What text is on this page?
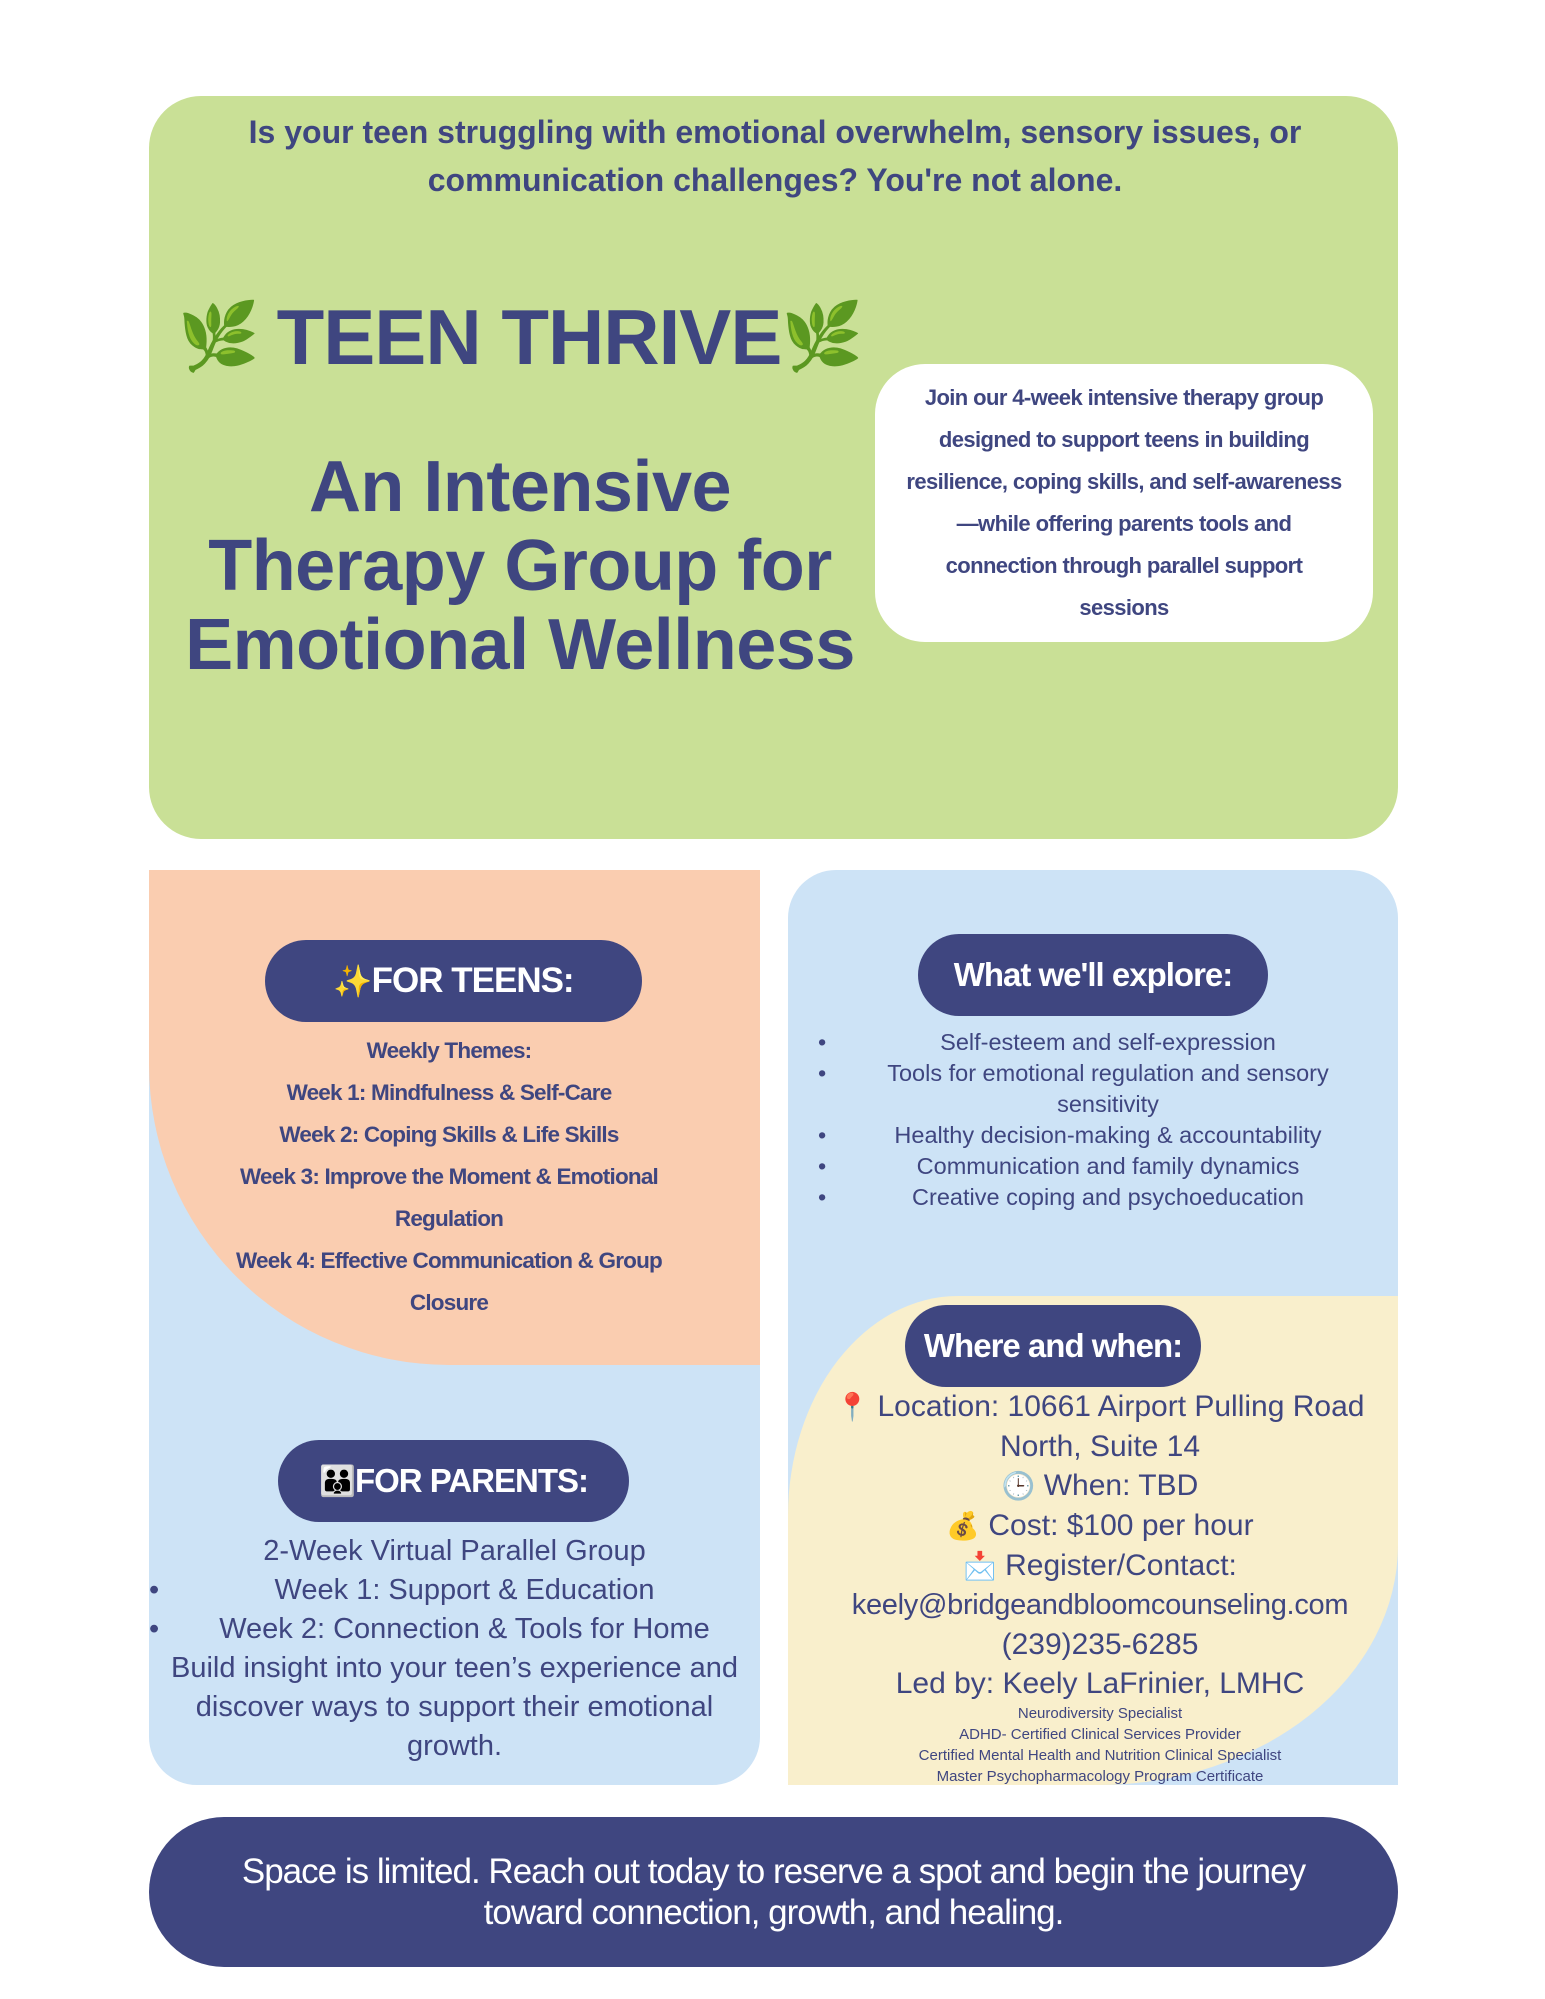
Is your teen struggling with emotional overwhelm, sensory issues, or communication challenges? You're not alone.
🌿 TEEN THRIVE 🌿
An Intensive
Therapy Group for
Emotional Wellness
Join our 4-week intensive therapy group designed to support teens in building resilience, coping skills, and self-awareness—while offering parents tools and connection through parallel support sessions
✨ FOR TEENS:
Weekly Themes:
Week 1: Mindfulness & Self-Care
Week 2: Coping Skills & Life Skills
Week 3: Improve the Moment & Emotional Regulation
Week 4: Effective Communication & Group Closure
👪 FOR PARENTS:
2-Week Virtual Parallel Group
• Week 1: Support & Education
• Week 2: Connection & Tools for Home
Build insight into your teen’s experience and discover ways to support their emotional growth.
What we'll explore:
• Self-esteem and self-expression
• Tools for emotional regulation and sensory sensitivity
• Healthy decision-making & accountability
• Communication and family dynamics
• Creative coping and psychoeducation
Where and when:
📍 Location: 10661 Airport Pulling Road North, Suite 14
🕒 When: TBD
💰 Cost: $100 per hour
📩 Register/Contact:
keely@bridgeandbloomcounseling.com
(239)235-6285
Led by: Keely LaFrinier, LMHC
Neurodiversity Specialist
ADHD- Certified Clinical Services Provider
Certified Mental Health and Nutrition Clinical Specialist
Master Psychopharmacology Program Certificate
Space is limited. Reach out today to reserve a spot and begin the journey toward connection, growth, and healing.
